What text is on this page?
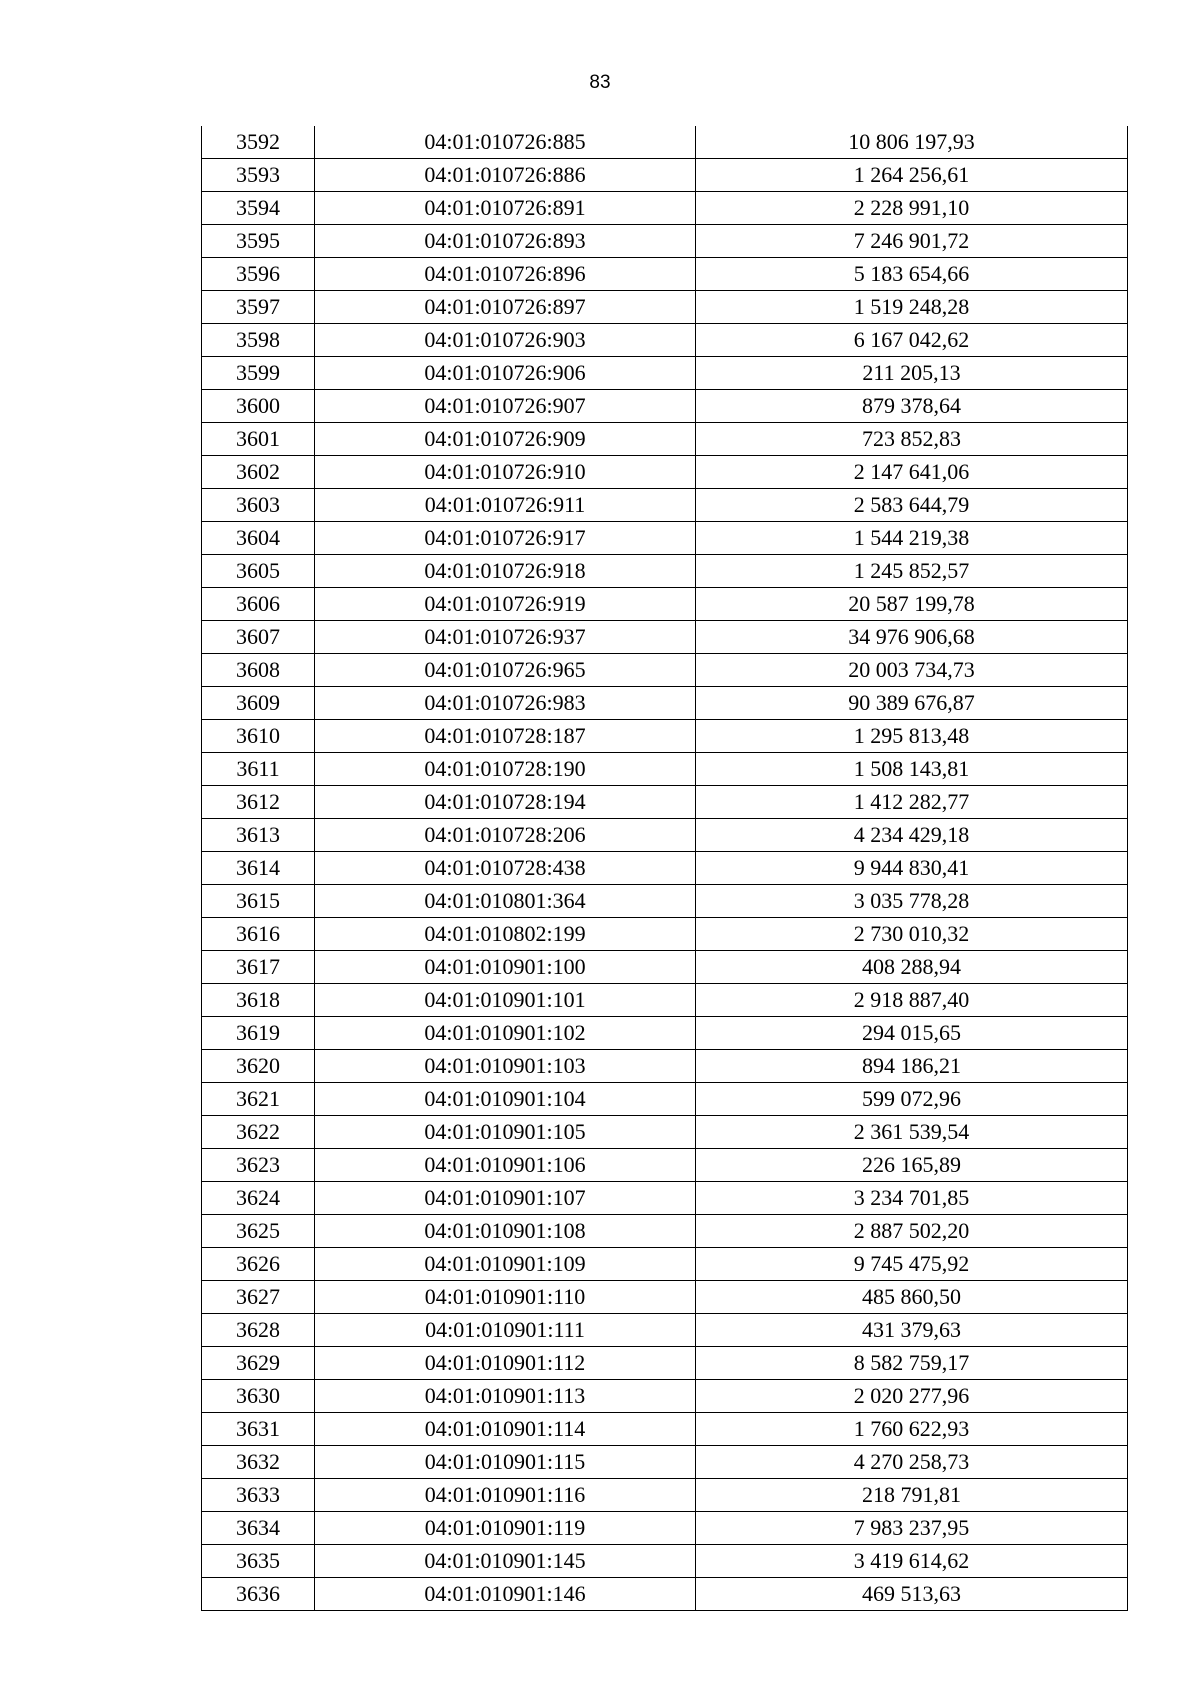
83
3592	04:01:010726:885	10 806 197,93
3593	04:01:010726:886	1 264 256,61
3594	04:01:010726:891	2 228 991,10
3595	04:01:010726:893	7 246 901,72
3596	04:01:010726:896	5 183 654,66
3597	04:01:010726:897	1 519 248,28
3598	04:01:010726:903	6 167 042,62
3599	04:01:010726:906	211 205,13
3600	04:01:010726:907	879 378,64
3601	04:01:010726:909	723 852,83
3602	04:01:010726:910	2 147 641,06
3603	04:01:010726:911	2 583 644,79
3604	04:01:010726:917	1 544 219,38
3605	04:01:010726:918	1 245 852,57
3606	04:01:010726:919	20 587 199,78
3607	04:01:010726:937	34 976 906,68
3608	04:01:010726:965	20 003 734,73
3609	04:01:010726:983	90 389 676,87
3610	04:01:010728:187	1 295 813,48
3611	04:01:010728:190	1 508 143,81
3612	04:01:010728:194	1 412 282,77
3613	04:01:010728:206	4 234 429,18
3614	04:01:010728:438	9 944 830,41
3615	04:01:010801:364	3 035 778,28
3616	04:01:010802:199	2 730 010,32
3617	04:01:010901:100	408 288,94
3618	04:01:010901:101	2 918 887,40
3619	04:01:010901:102	294 015,65
3620	04:01:010901:103	894 186,21
3621	04:01:010901:104	599 072,96
3622	04:01:010901:105	2 361 539,54
3623	04:01:010901:106	226 165,89
3624	04:01:010901:107	3 234 701,85
3625	04:01:010901:108	2 887 502,20
3626	04:01:010901:109	9 745 475,92
3627	04:01:010901:110	485 860,50
3628	04:01:010901:111	431 379,63
3629	04:01:010901:112	8 582 759,17
3630	04:01:010901:113	2 020 277,96
3631	04:01:010901:114	1 760 622,93
3632	04:01:010901:115	4 270 258,73
3633	04:01:010901:116	218 791,81
3634	04:01:010901:119	7 983 237,95
3635	04:01:010901:145	3 419 614,62
3636	04:01:010901:146	469 513,63
